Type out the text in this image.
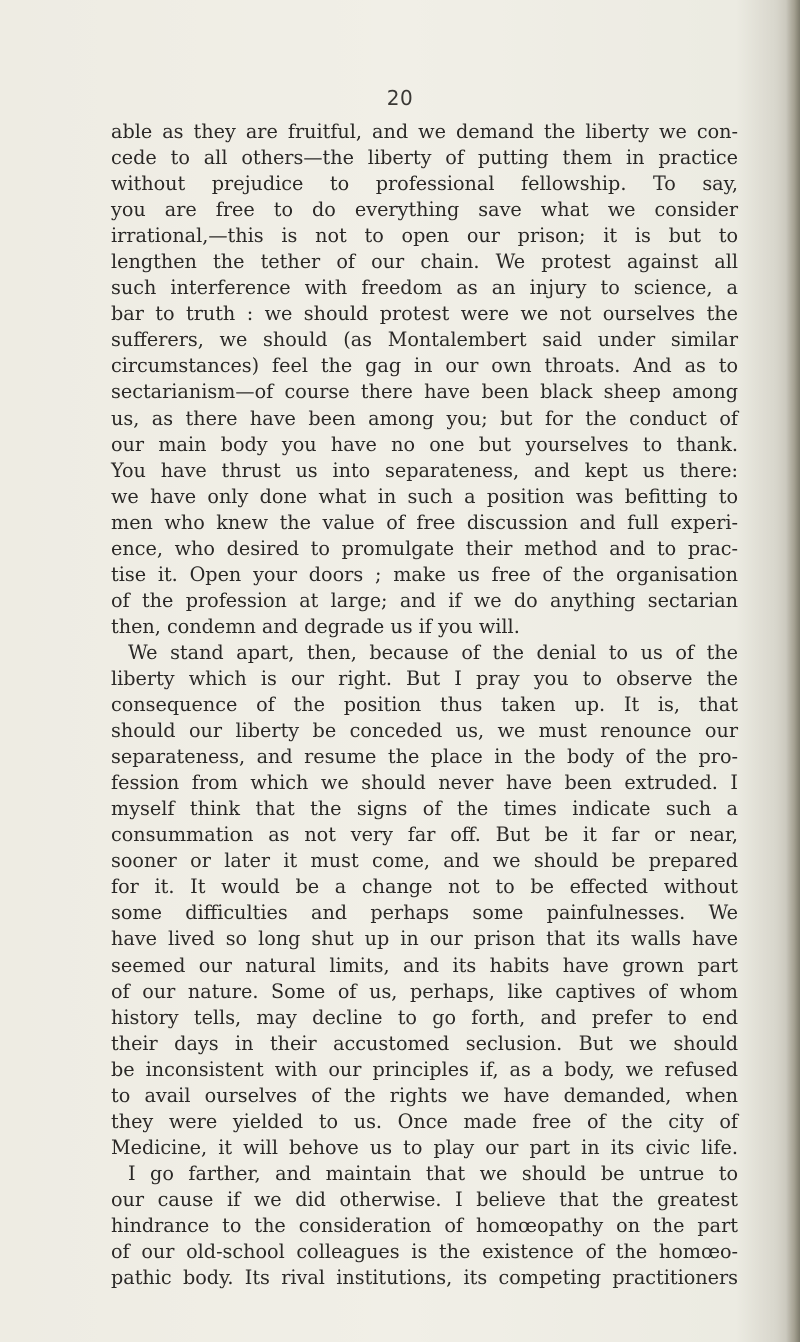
20
able as they are fruitful, and we demand the liberty we con-
cede to all others—the liberty of putting them in practice
without prejudice to professional fellowship. To say,
you are free to do everything save what we consider
irrational,—this is not to open our prison; it is but to
lengthen the tether of our chain. We protest against all
such interference with freedom as an injury to science, a
bar to truth : we should protest were we not ourselves the
sufferers, we should (as Montalembert said under similar
circumstances) feel the gag in our own throats. And as to
sectarianism—of course there have been black sheep among
us, as there have been among you; but for the conduct of
our main body you have no one but yourselves to thank.
You have thrust us into separateness, and kept us there:
we have only done what in such a position was befitting to
men who knew the value of free discussion and full experi-
ence, who desired to promulgate their method and to prac-
tise it. Open your doors ; make us free of the organisation
of the profession at large; and if we do anything sectarian
then, condemn and degrade us if you will.
We stand apart, then, because of the denial to us of the
liberty which is our right. But I pray you to observe the
consequence of the position thus taken up. It is, that
should our liberty be conceded us, we must renounce our
separateness, and resume the place in the body of the pro-
fession from which we should never have been extruded. I
myself think that the signs of the times indicate such a
consummation as not very far off. But be it far or near,
sooner or later it must come, and we should be prepared
for it. It would be a change not to be effected without
some difficulties and perhaps some painfulnesses. We
have lived so long shut up in our prison that its walls have
seemed our natural limits, and its habits have grown part
of our nature. Some of us, perhaps, like captives of whom
history tells, may decline to go forth, and prefer to end
their days in their accustomed seclusion. But we should
be inconsistent with our principles if, as a body, we refused
to avail ourselves of the rights we have demanded, when
they were yielded to us. Once made free of the city of
Medicine, it will behove us to play our part in its civic life.
I go farther, and maintain that we should be untrue to
our cause if we did otherwise. I believe that the greatest
hindrance to the consideration of homœopathy on the part
of our old-school colleagues is the existence of the homœo-
pathic body. Its rival institutions, its competing practitioners
